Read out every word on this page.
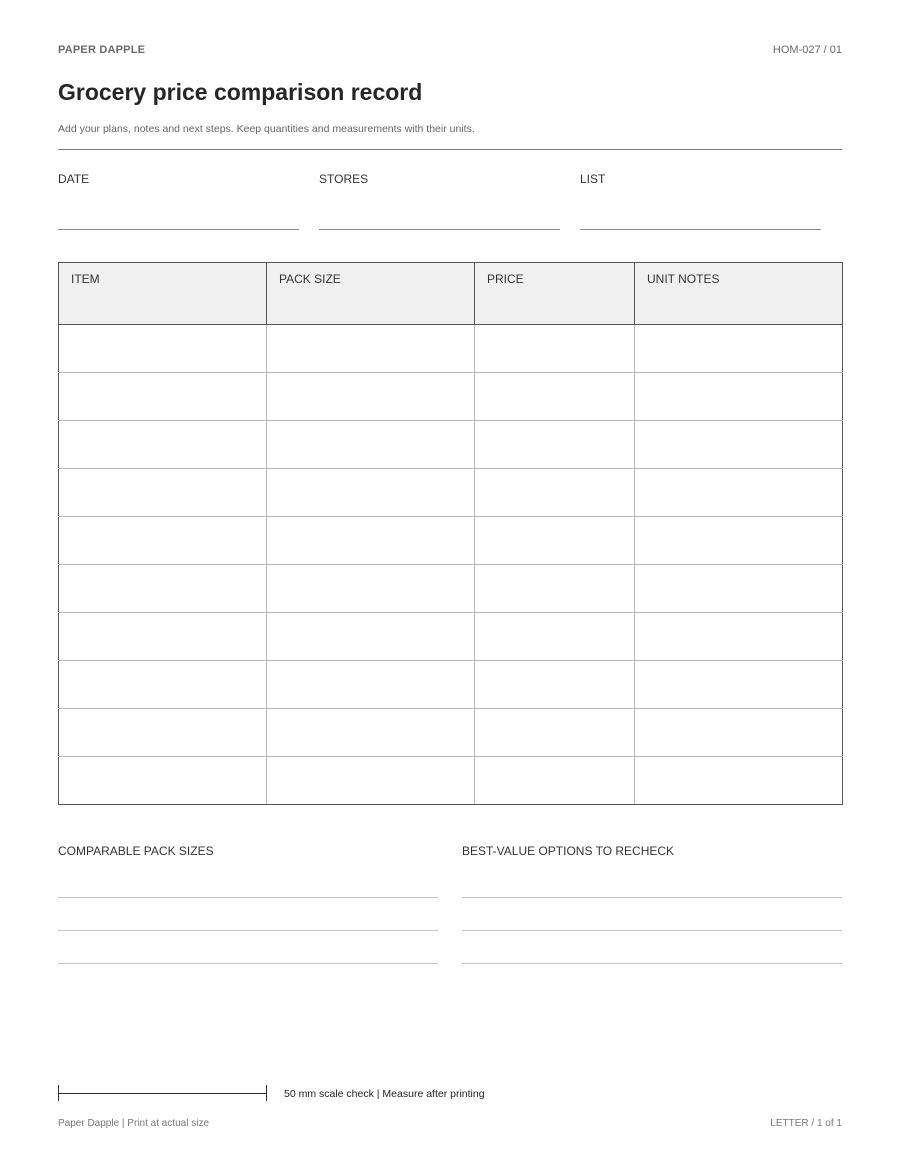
PAPER DAPPLE	HOM-027 / 01
Grocery price comparison record
Add your plans, notes and next steps. Keep quantities and measurements with their units.
DATE	STORES	LIST
ITEM	PACK SIZE	PRICE	UNIT NOTES

COMPARABLE PACK SIZES	BEST-VALUE OPTIONS TO RECHECK
50 mm scale check | Measure after printing
Paper Dapple | Print at actual size	LETTER / 1 of 1
